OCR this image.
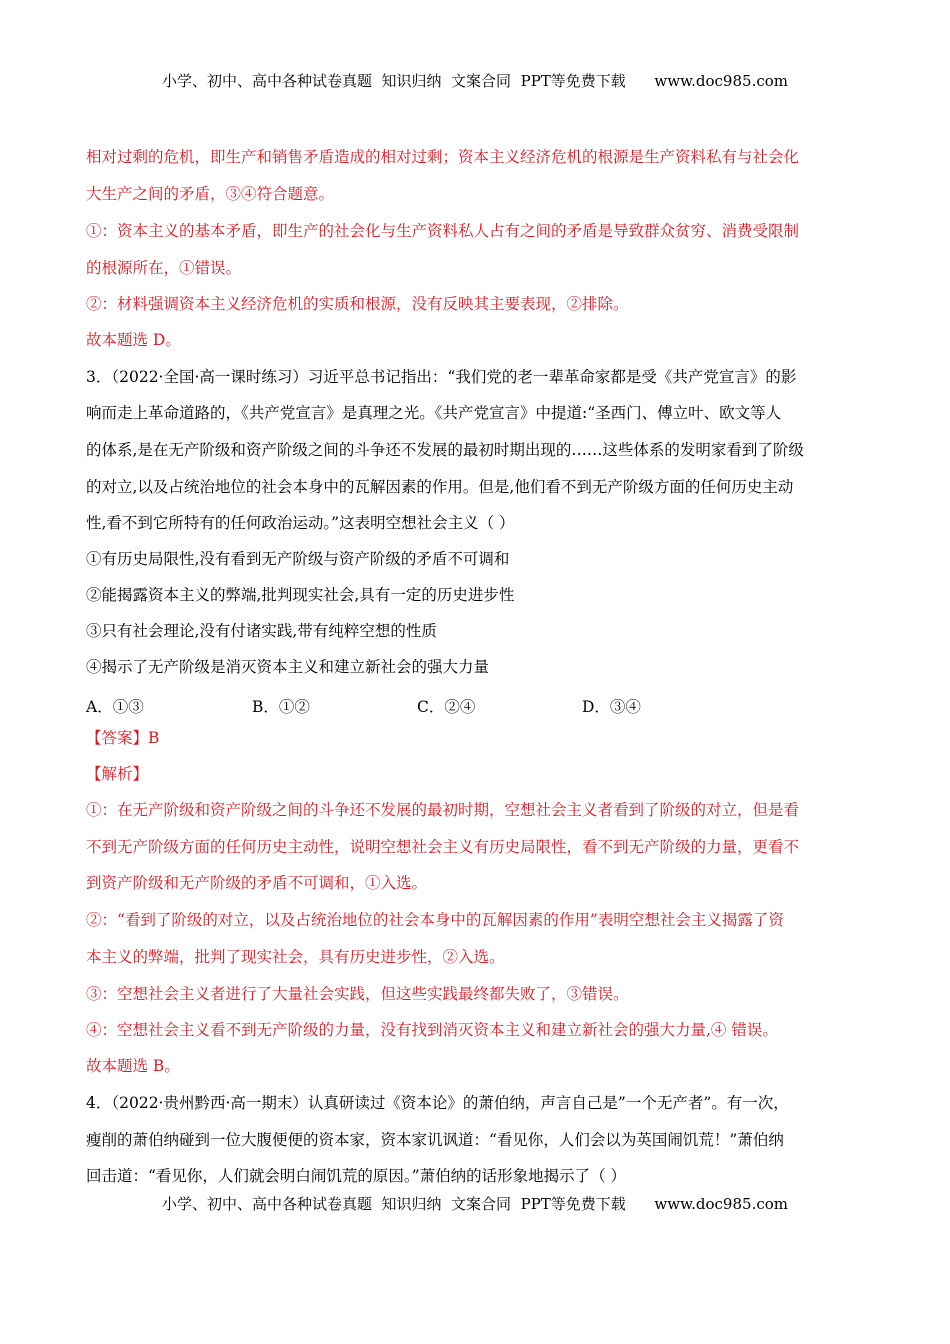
小学、初中、高中各种试卷真题  知识归纳  文案合同  PPT等免费下载      www.doc985.com
相对过剩的危机，即生产和销售矛盾造成的相对过剩；资本主义经济危机的根源是生产资料私有与社会化
大生产之间的矛盾，③④符合题意。
①：资本主义的基本矛盾，即生产的社会化与生产资料私人占有之间的矛盾是导致群众贫穷、消费受限制
的根源所在，①错误。
②：材料强调资本主义经济危机的实质和根源，没有反映其主要表现，②排除。
故本题选 D。
3．（2022·全国·高一课时练习）习近平总书记指出：“我们党的老一辈革命家都是受《共产党宣言》的影
响而走上革命道路的，《共产党宣言》是真理之光。《共产党宣言》中提道:“圣西门、傅立叶、欧文等人
的体系,是在无产阶级和资产阶级之间的斗争还不发展的最初时期出现的……这些体系的发明家看到了阶级
的对立,以及占统治地位的社会本身中的瓦解因素的作用。但是,他们看不到无产阶级方面的任何历史主动
性,看不到它所特有的任何政治运动。”这表明空想社会主义（ ）
①有历史局限性,没有看到无产阶级与资产阶级的矛盾不可调和
②能揭露资本主义的弊端,批判现实社会,具有一定的历史进步性
③只有社会理论,没有付诸实践,带有纯粹空想的性质
④揭示了无产阶级是消灭资本主义和建立新社会的强大力量
A．①③	B．①②	C．②④	D．③④
【答案】B
【解析】
①：在无产阶级和资产阶级之间的斗争还不发展的最初时期，空想社会主义者看到了阶级的对立，但是看
不到无产阶级方面的任何历史主动性，说明空想社会主义有历史局限性，看不到无产阶级的力量，更看不
到资产阶级和无产阶级的矛盾不可调和，①入选。
②：“看到了阶级的对立，以及占统治地位的社会本身中的瓦解因素的作用”表明空想社会主义揭露了资
本主义的弊端，批判了现实社会，具有历史进步性，②入选。
③：空想社会主义者进行了大量社会实践，但这些实践最终都失败了，③错误。
④：空想社会主义看不到无产阶级的力量，没有找到消灭资本主义和建立新社会的强大力量,④ 错误。
故本题选 B。
4．（2022·贵州黔西·高一期末）认真研读过《资本论》的萧伯纳，声言自己是”一个无产者”。有一次，
瘦削的萧伯纳碰到一位大腹便便的资本家，资本家讥讽道：“看见你，人们会以为英国闹饥荒！”萧伯纳
回击道：“看见你，人们就会明白闹饥荒的原因。”萧伯纳的话形象地揭示了（ ）
小学、初中、高中各种试卷真题  知识归纳  文案合同  PPT等免费下载      www.doc985.com
